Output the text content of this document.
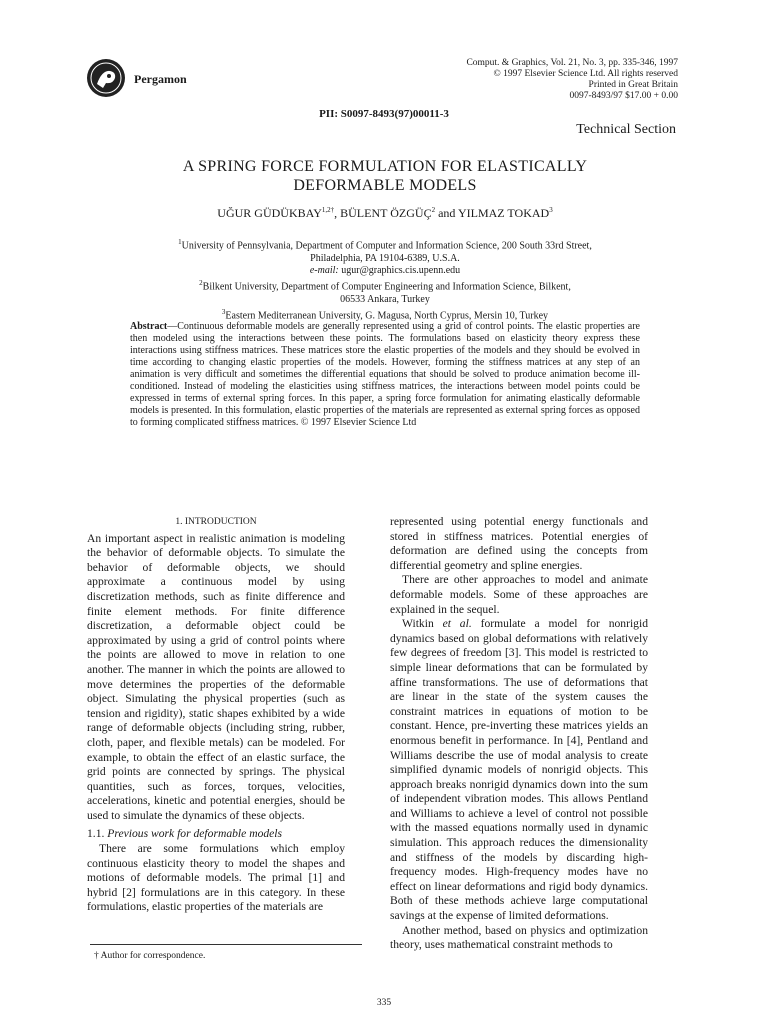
Pergamon
Comput. & Graphics, Vol. 21, No. 3, pp. 335-346, 1997
© 1997 Elsevier Science Ltd. All rights reserved
Printed in Great Britain
0097-8493/97 $17.00 + 0.00
PII: S0097-8493(97)00011-3
Technical Section
A SPRING FORCE FORMULATION FOR ELASTICALLY
DEFORMABLE MODELS
UĞUR $GÜDÜKBAY^{1,2\dagger}$, BÜLENT ÖZGÜÇ$^2$ and YILMAZ TOKAD$^3$
$^1$University of Pennsylvania, Department of Computer and Information Science, 200 South 33rd Street,
Philadelphia, PA 19104-6389, U.S.A.
e-mail: ugur@graphics.cis.upenn.edu
$^2$Bilkent University, Department of Computer Engineering and Information Science, Bilkent,
06533 Ankara, Turkey
$^3$Eastern Mediterranean University, G. Magusa, North Cyprus, Mersin 10, Turkey
Abstract—Continuous deformable models are generally represented using a grid of control points. The elastic properties are then modeled using the interactions between these points. The formulations based on elasticity theory express these interactions using stiffness matrices. These matrices store the elastic properties of the models and they should be evolved in time according to changing elastic properties of the models. However, forming the stiffness matrices at any step of an animation is very difficult and sometimes the differential equations that should be solved to produce animation become ill-conditioned. Instead of modeling the elasticities using stiffness matrices, the interactions between model points could be expressed in terms of external spring forces. In this paper, a spring force formulation for animating elastically deformable models is presented. In this formulation, elastic properties of the materials are represented as external spring forces as opposed to forming complicated stiffness matrices. © 1997 Elsevier Science Ltd
1. INTRODUCTION

An important aspect in realistic animation is modeling the behavior of deformable objects. To simulate the behavior of deformable objects, we should approximate a continuous model by using discretization methods, such as finite difference and finite element methods. For finite difference discretization, a deformable object could be approximated by using a grid of control points where the points are allowed to move in relation to one another. The manner in which the points are allowed to move determines the properties of the deformable object. Simulating the physical properties (such as tension and rigidity), static shapes exhibited by a wide range of deformable objects (including string, rubber, cloth, paper, and flexible metals) can be modeled. For example, to obtain the effect of an elastic surface, the grid points are connected by springs. The physical quantities, such as forces, torques, velocities, accelerations, kinetic and potential energies, should be used to simulate the dynamics of these objects.

1.1. Previous work for deformable models

There are some formulations which employ continuous elasticity theory to model the shapes and motions of deformable models. The primal [1] and hybrid [2] formulations are in this category. In these formulations, elastic properties of the materials are

represented using potential energy functionals and stored in stiffness matrices. Potential energies of deformation are defined using the concepts from differential geometry and spline energies.

There are other approaches to model and animate deformable models. Some of these approaches are explained in the sequel.

Witkin et al. formulate a model for nonrigid dynamics based on global deformations with relatively few degrees of freedom [3]. This model is restricted to simple linear deformations that can be formulated by affine transformations. The use of deformations that are linear in the state of the system causes the constraint matrices in equations of motion to be constant. Hence, pre-inverting these matrices yields an enormous benefit in performance. In [4], Pentland and Williams describe the use of modal analysis to create simplified dynamic models of nonrigid objects. This approach breaks nonrigid dynamics down into the sum of independent vibration modes. This allows Pentland and Williams to achieve a level of control not possible with the massed equations normally used in dynamic simulation. This approach reduces the dimensionality and stiffness of the models by discarding high-frequency modes. High-frequency modes have no effect on linear deformations and rigid body dynamics. Both of these methods achieve large computational savings at the expense of limited deformations.

Another method, based on physics and optimization theory, uses mathematical constraint methods to

† Author for correspondence.
335
